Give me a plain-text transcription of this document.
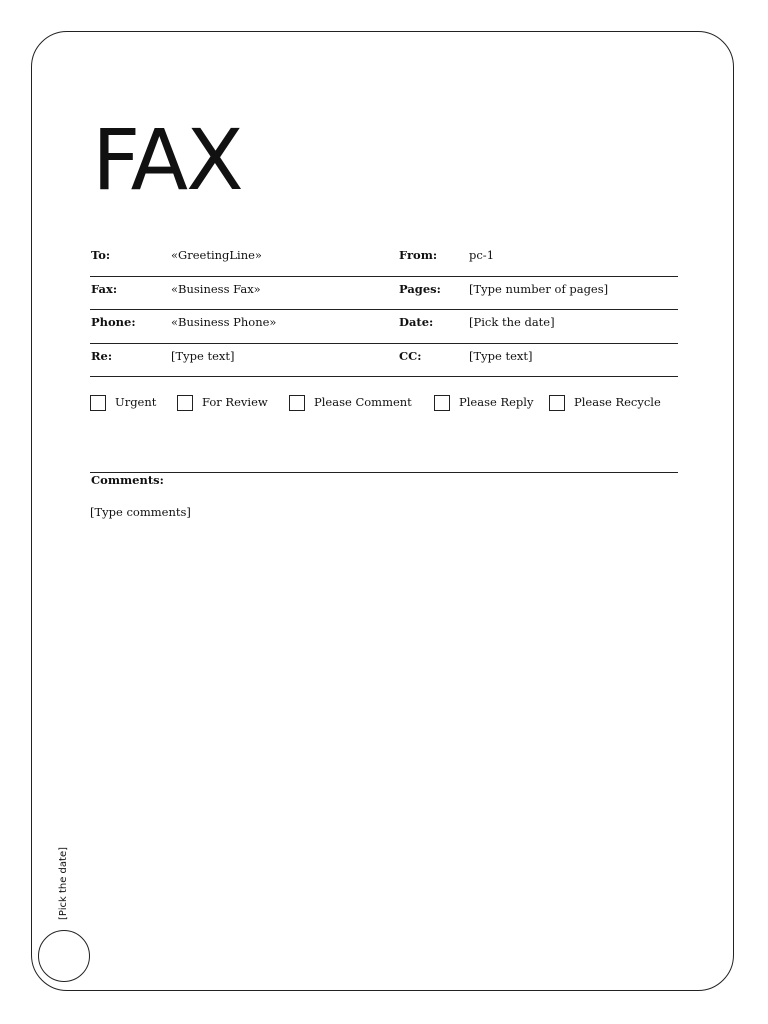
FAX
To:	«GreetingLine»	From:	pc-1
Fax:	«Business Fax»	Pages: [Type number of pages]
Phone:	«Business Phone»	Date:	[Pick the date]
Re:	[Type text]	CC:	[Type text]
Urgent	For Review	Please Comment	Please Reply	Please Recycle
Comments:
[Type comments]
[Pick the date]
